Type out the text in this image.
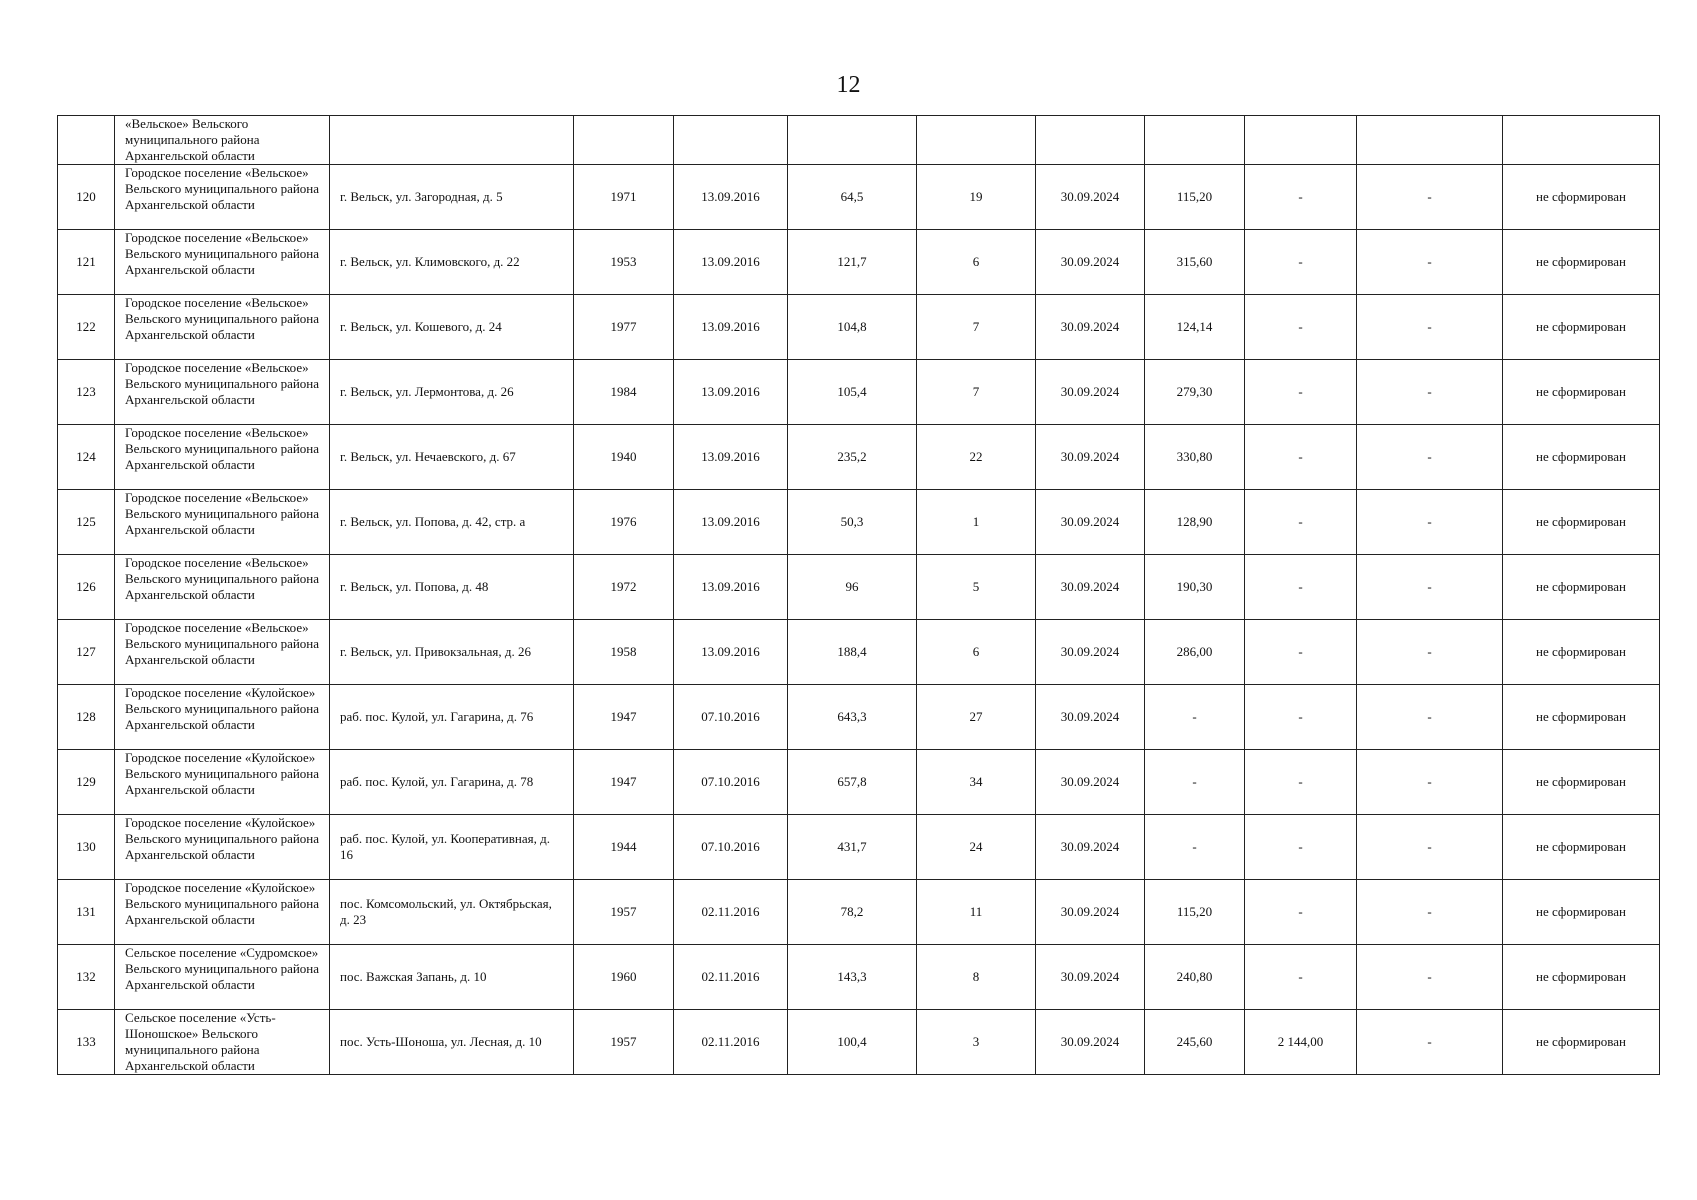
12
	«Вельское» Вельского муниципального района Архангельской области										
120	Городское поселение «Вельское» Вельского муниципального района Архангельской области	г. Вельск, ул. Загородная, д. 5	1971	13.09.2016	64,5	19	30.09.2024	115,20	-	-	не сформирован
121	Городское поселение «Вельское» Вельского муниципального района Архангельской области	г. Вельск, ул. Климовского, д. 22	1953	13.09.2016	121,7	6	30.09.2024	315,60	-	-	не сформирован
122	Городское поселение «Вельское» Вельского муниципального района Архангельской области	г. Вельск, ул. Кошевого, д. 24	1977	13.09.2016	104,8	7	30.09.2024	124,14	-	-	не сформирован
123	Городское поселение «Вельское» Вельского муниципального района Архангельской области	г. Вельск, ул. Лермонтова, д. 26	1984	13.09.2016	105,4	7	30.09.2024	279,30	-	-	не сформирован
124	Городское поселение «Вельское» Вельского муниципального района Архангельской области	г. Вельск, ул. Нечаевского, д. 67	1940	13.09.2016	235,2	22	30.09.2024	330,80	-	-	не сформирован
125	Городское поселение «Вельское» Вельского муниципального района Архангельской области	г. Вельск, ул. Попова, д. 42, стр. а	1976	13.09.2016	50,3	1	30.09.2024	128,90	-	-	не сформирован
126	Городское поселение «Вельское» Вельского муниципального района Архангельской области	г. Вельск, ул. Попова, д. 48	1972	13.09.2016	96	5	30.09.2024	190,30	-	-	не сформирован
127	Городское поселение «Вельское» Вельского муниципального района Архангельской области	г. Вельск, ул. Привокзальная, д. 26	1958	13.09.2016	188,4	6	30.09.2024	286,00	-	-	не сформирован
128	Городское поселение «Кулойское» Вельского муниципального района Архангельской области	раб. пос. Кулой, ул. Гагарина, д. 76	1947	07.10.2016	643,3	27	30.09.2024	-	-	-	не сформирован
129	Городское поселение «Кулойское» Вельского муниципального района Архангельской области	раб. пос. Кулой, ул. Гагарина, д. 78	1947	07.10.2016	657,8	34	30.09.2024	-	-	-	не сформирован
130	Городское поселение «Кулойское» Вельского муниципального района Архангельской области	раб. пос. Кулой, ул. Кооперативная, д. 16	1944	07.10.2016	431,7	24	30.09.2024	-	-	-	не сформирован
131	Городское поселение «Кулойское» Вельского муниципального района Архангельской области	пос. Комсомольский, ул. Октябрьская, д. 23	1957	02.11.2016	78,2	11	30.09.2024	115,20	-	-	не сформирован
132	Сельское поселение «Судромское» Вельского муниципального района Архангельской области	пос. Важская Запань, д. 10	1960	02.11.2016	143,3	8	30.09.2024	240,80	-	-	не сформирован
133	Сельское поселение «Усть-Шоношское» Вельского муниципального района Архангельской области	пос. Усть-Шоноша, ул. Лесная, д. 10	1957	02.11.2016	100,4	3	30.09.2024	245,60	2 144,00	-	не сформирован
